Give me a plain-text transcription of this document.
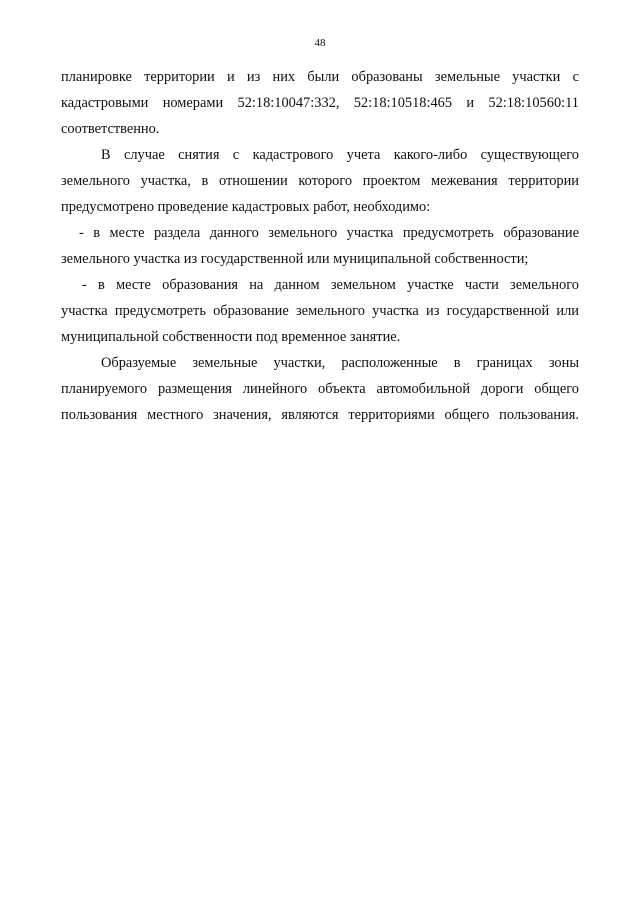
48
планировке территории и из них были образованы земельные участки с
кадастровыми номерами 52:18:10047:332, 52:18:10518:465 и 52:18:10560:11
соответственно.
В случае снятия с кадастрового учета какого-либо существующего
земельного участка, в отношении которого проектом межевания территории
предусмотрено проведение кадастровых работ, необходимо:
- в месте раздела данного земельного участка предусмотреть образование
земельного участка из государственной или муниципальной собственности;
- в месте образования на данном земельном участке части земельного
участка предусмотреть образование земельного участка из государственной или
муниципальной собственности под временное занятие.
Образуемые земельные участки, расположенные в границах зоны
планируемого размещения линейного объекта автомобильной дороги общего
пользования местного значения, являются территориями общего пользования.
